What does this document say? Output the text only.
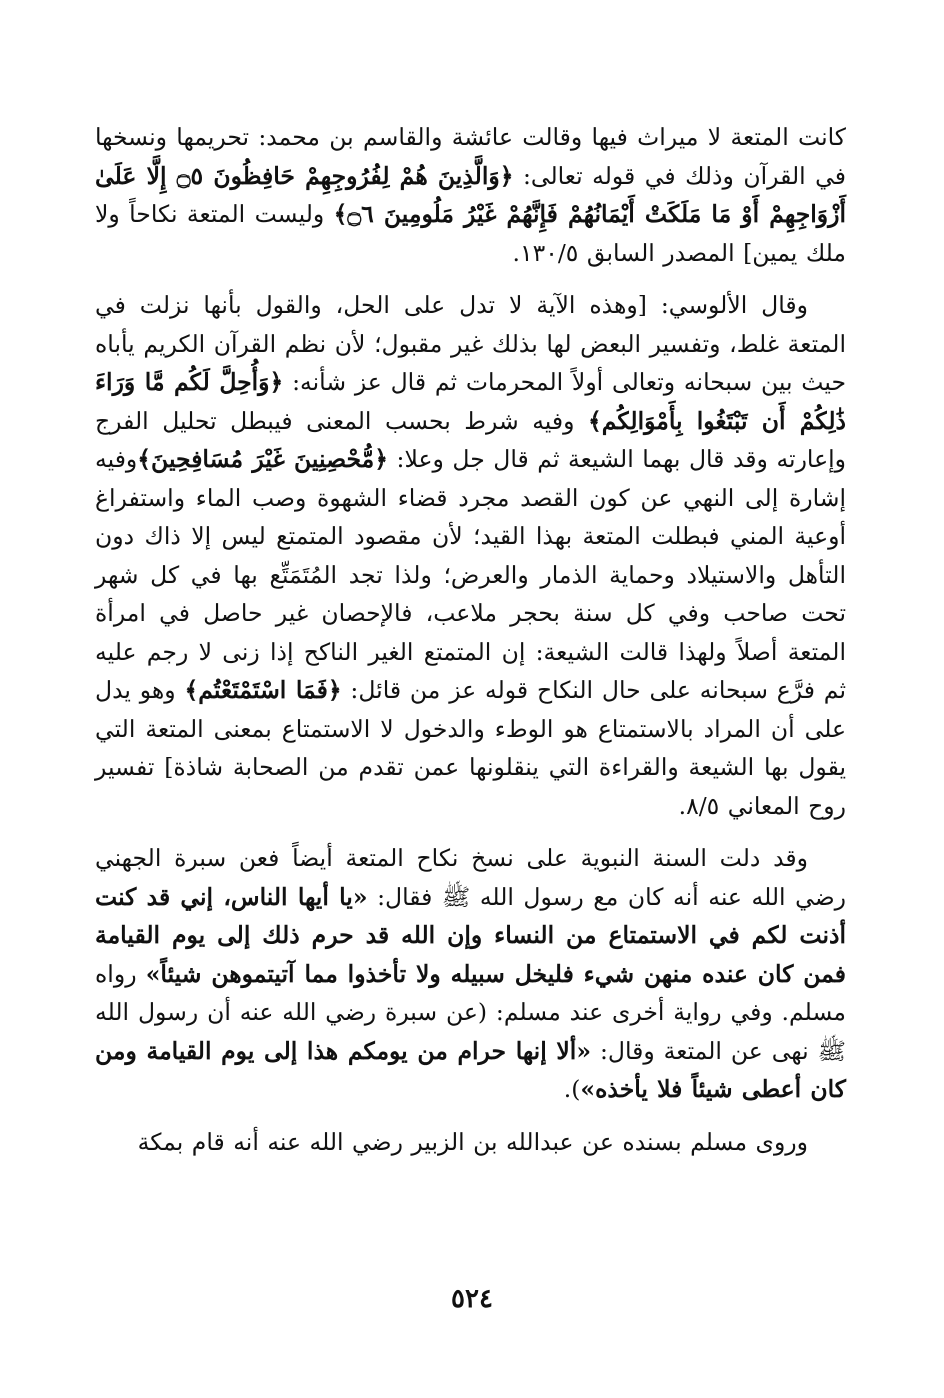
كانت المتعة لا ميراث فيها وقالت عائشة والقاسم بن محمد: تحريمها ونسخها في القرآن وذلك في قوله تعالى: ﴿وَالَّذِينَ هُمْ لِفُرُوجِهِمْ حَافِظُونَ ۝٥ إِلَّا عَلَىٰ أَزْوَاجِهِمْ أَوْ مَا مَلَكَتْ أَيْمَانُهُمْ فَإِنَّهُمْ غَيْرُ مَلُومِينَ ۝٦﴾ وليست المتعة نكاحاً ولا ملك يمين] المصدر السابق ١٣٠/٥.

وقال الألوسي: [وهذه الآية لا تدل على الحل، والقول بأنها نزلت في المتعة غلط، وتفسير البعض لها بذلك غير مقبول؛ لأن نظم القرآن الكريم يأباه حيث بين سبحانه وتعالى أولاً المحرمات ثم قال عز شأنه: ﴿وَأُحِلَّ لَكُم مَّا وَرَاءَ ذَٰلِكُمْ أَن تَبْتَغُوا بِأَمْوَالِكُم﴾ وفيه شرط بحسب المعنى فيبطل تحليل الفرج وإعارته وقد قال بهما الشيعة ثم قال جل وعلا: ﴿مُّحْصِنِينَ غَيْرَ مُسَافِحِينَ﴾وفيه إشارة إلى النهي عن كون القصد مجرد قضاء الشهوة وصب الماء واستفراغ أوعية المني فبطلت المتعة بهذا القيد؛ لأن مقصود المتمتع ليس إلا ذاك دون التأهل والاستيلاد وحماية الذمار والعرض؛ ولذا تجد المُتَمَتِّع بها في كل شهر تحت صاحب وفي كل سنة بحجر ملاعب، فالإحصان غير حاصل في امرأة المتعة أصلاً ولهذا قالت الشيعة: إن المتمتع الغير الناكح إذا زنى لا رجم عليه ثم فرَّع سبحانه على حال النكاح قوله عز من قائل: ﴿فَمَا اسْتَمْتَعْتُم﴾ وهو يدل على أن المراد بالاستمتاع هو الوطء والدخول لا الاستمتاع بمعنى المتعة التي يقول بها الشيعة والقراءة التي ينقلونها عمن تقدم من الصحابة شاذة] تفسير روح المعاني ٨/٥.

وقد دلت السنة النبوية على نسخ نكاح المتعة أيضاً فعن سبرة الجهني رضي الله عنه أنه كان مع رسول الله ﷺ فقال: «يا أيها الناس، إني قد كنت أذنت لكم في الاستمتاع من النساء وإن الله قد حرم ذلك إلى يوم القيامة فمن كان عنده منهن شيء فليخل سبيله ولا تأخذوا مما آتيتموهن شيئاً» رواه مسلم. وفي رواية أخرى عند مسلم: (عن سبرة رضي الله عنه أن رسول الله ﷺ نهى عن المتعة وقال: «ألا إنها حرام من يومكم هذا إلى يوم القيامة ومن كان أعطى شيئاً فلا يأخذه»).

وروى مسلم بسنده عن عبدالله بن الزبير رضي الله عنه أنه قام بمكة

٥٢٤
